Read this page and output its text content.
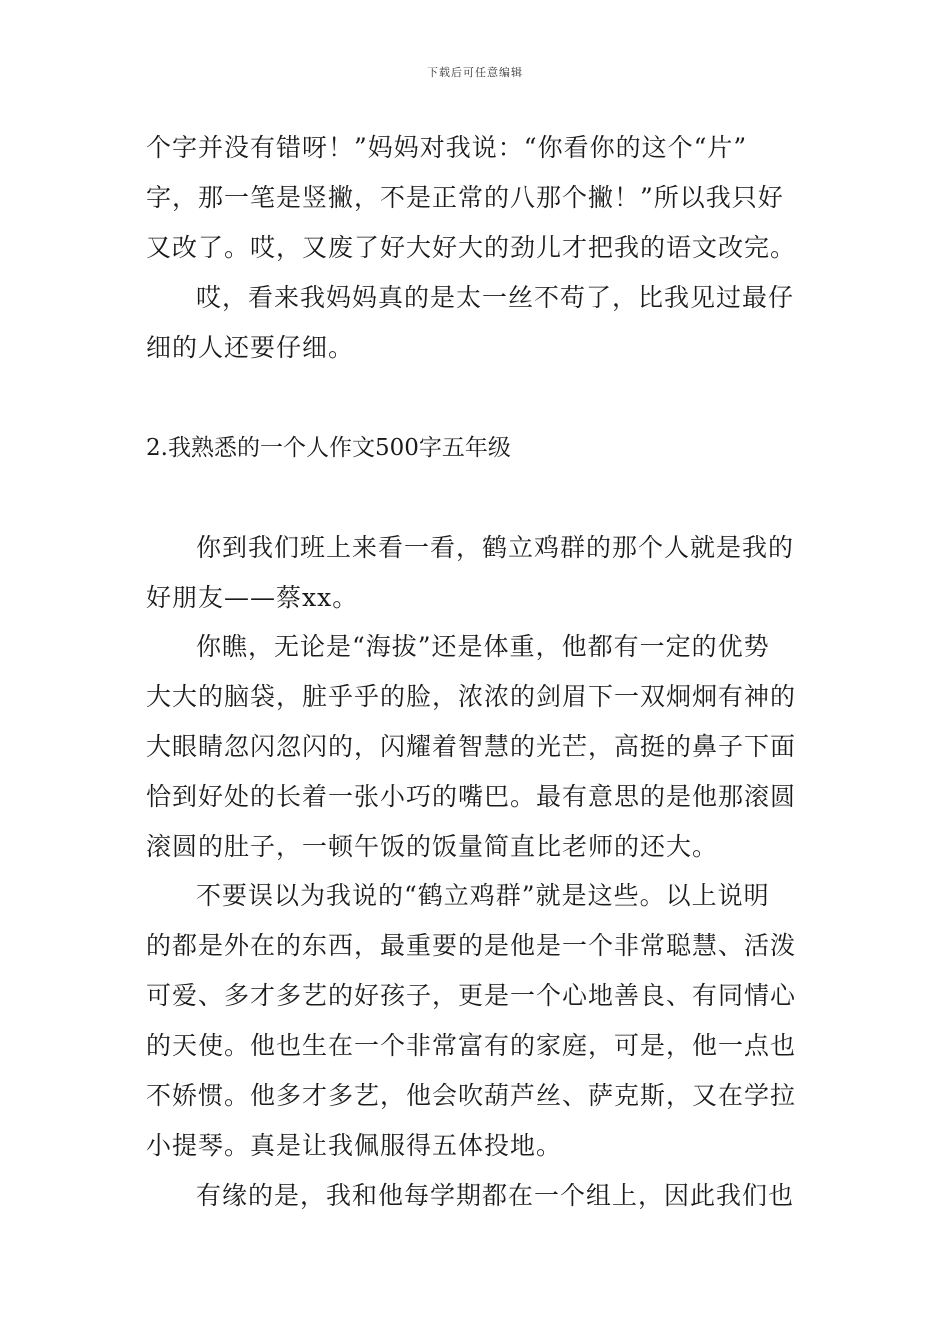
下载后可任意编辑
个字并没有错呀！”妈妈对我说：“你看你的这个“片”
字，那一笔是竖撇，不是正常的八那个撇！”所以我只好
又改了。哎，又废了好大好大的劲儿才把我的语文改完。
哎，看来我妈妈真的是太一丝不苟了，比我见过最仔
细的人还要仔细。
2.我熟悉的一个人作文500字五年级
你到我们班上来看一看，鹤立鸡群的那个人就是我的
好朋友——蔡xx。
你瞧，无论是“海拔”还是体重，他都有一定的优势
大大的脑袋，脏乎乎的脸，浓浓的剑眉下一双炯炯有神的
大眼睛忽闪忽闪的，闪耀着智慧的光芒，高挺的鼻子下面
恰到好处的长着一张小巧的嘴巴。最有意思的是他那滚圆
滚圆的肚子，一顿午饭的饭量简直比老师的还大。
不要误以为我说的“鹤立鸡群”就是这些。以上说明
的都是外在的东西，最重要的是他是一个非常聪慧、活泼
可爱、多才多艺的好孩子，更是一个心地善良、有同情心
的天使。他也生在一个非常富有的家庭，可是，他一点也
不娇惯。他多才多艺，他会吹葫芦丝、萨克斯，又在学拉
小提琴。真是让我佩服得五体投地。
有缘的是，我和他每学期都在一个组上，因此我们也
